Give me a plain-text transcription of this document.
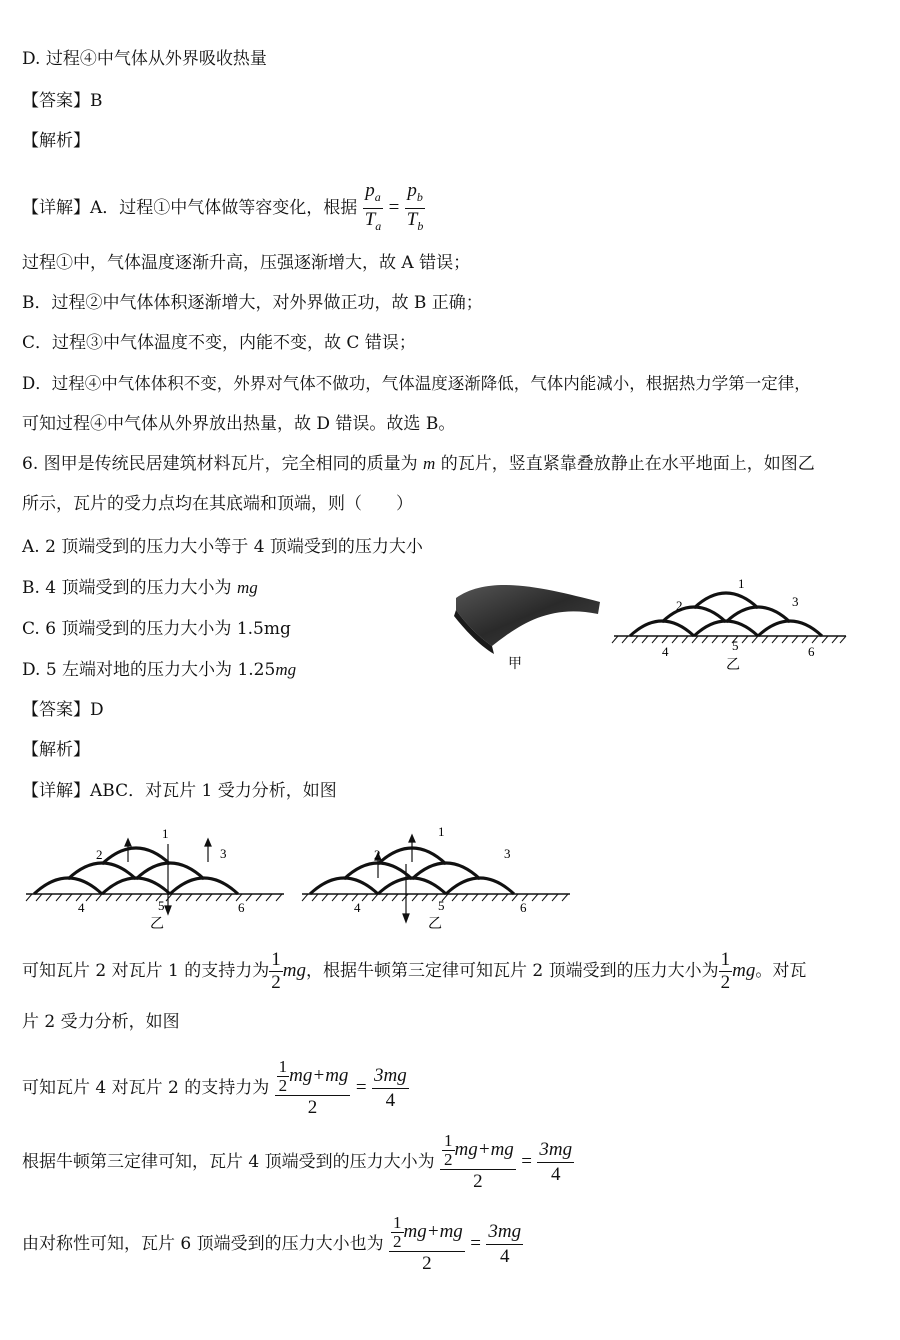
D. 过程④中气体从外界吸收热量
【答案】B
【解析】
【详解】A．过程①中气体做等容变化，根据 $\frac{p_a}{T_a} = \frac{p_b}{T_b}$
过程①中，气体温度逐渐升高，压强逐渐增大，故 A 错误；
B．过程②中气体体积逐渐增大，对外界做正功，故 B 正确；
C．过程③中气体温度不变，内能不变，故 C 错误；
D．过程④中气体体积不变，外界对气体不做功，气体温度逐渐降低，气体内能减小，根据热力学第一定律，
可知过程④中气体从外界放出热量，故 D 错误。故选 B。
6. 图甲是传统民居建筑材料瓦片，完全相同的质量为 m 的瓦片，竖直紧靠叠放静止在水平地面上，如图乙
所示，瓦片的受力点均在其底端和顶端，则（　　）
A. 2 顶端受到的压力大小等于 4 顶端受到的压力大小
B. 4 顶端受到的压力大小为 mg
C. 6 顶端受到的压力大小为 1.5mg
D. 5 左端对地的压力大小为 1.25mg	甲
1
2	3
4	5	6
乙
【答案】D
【解析】
【详解】ABC．对瓦片 1 受力分析，如图
1
2	3
4	5	6
乙
1
2	3
4	5	6
乙
可知瓦片 2 对瓦片 1 的支持力为 $\frac{1}{2}$ mg，根据牛顿第三定律可知瓦片 2 顶端受到的压力大小为 $\frac{1}{2}$ mg。对瓦
片 2 受力分析，如图
可知瓦片 4 对瓦片 2 的支持力为 $\frac{\frac{1}{2} mg+mg}{2} = \frac{3mg}{4}$
根据牛顿第三定律可知，瓦片 4 顶端受到的压力大小为 $\frac{\frac{1}{2} mg+mg}{2} = \frac{3mg}{4}$
由对称性可知，瓦片 6 顶端受到的压力大小也为 $\frac{\frac{1}{2} mg+mg}{2} = \frac{3mg}{4}$
